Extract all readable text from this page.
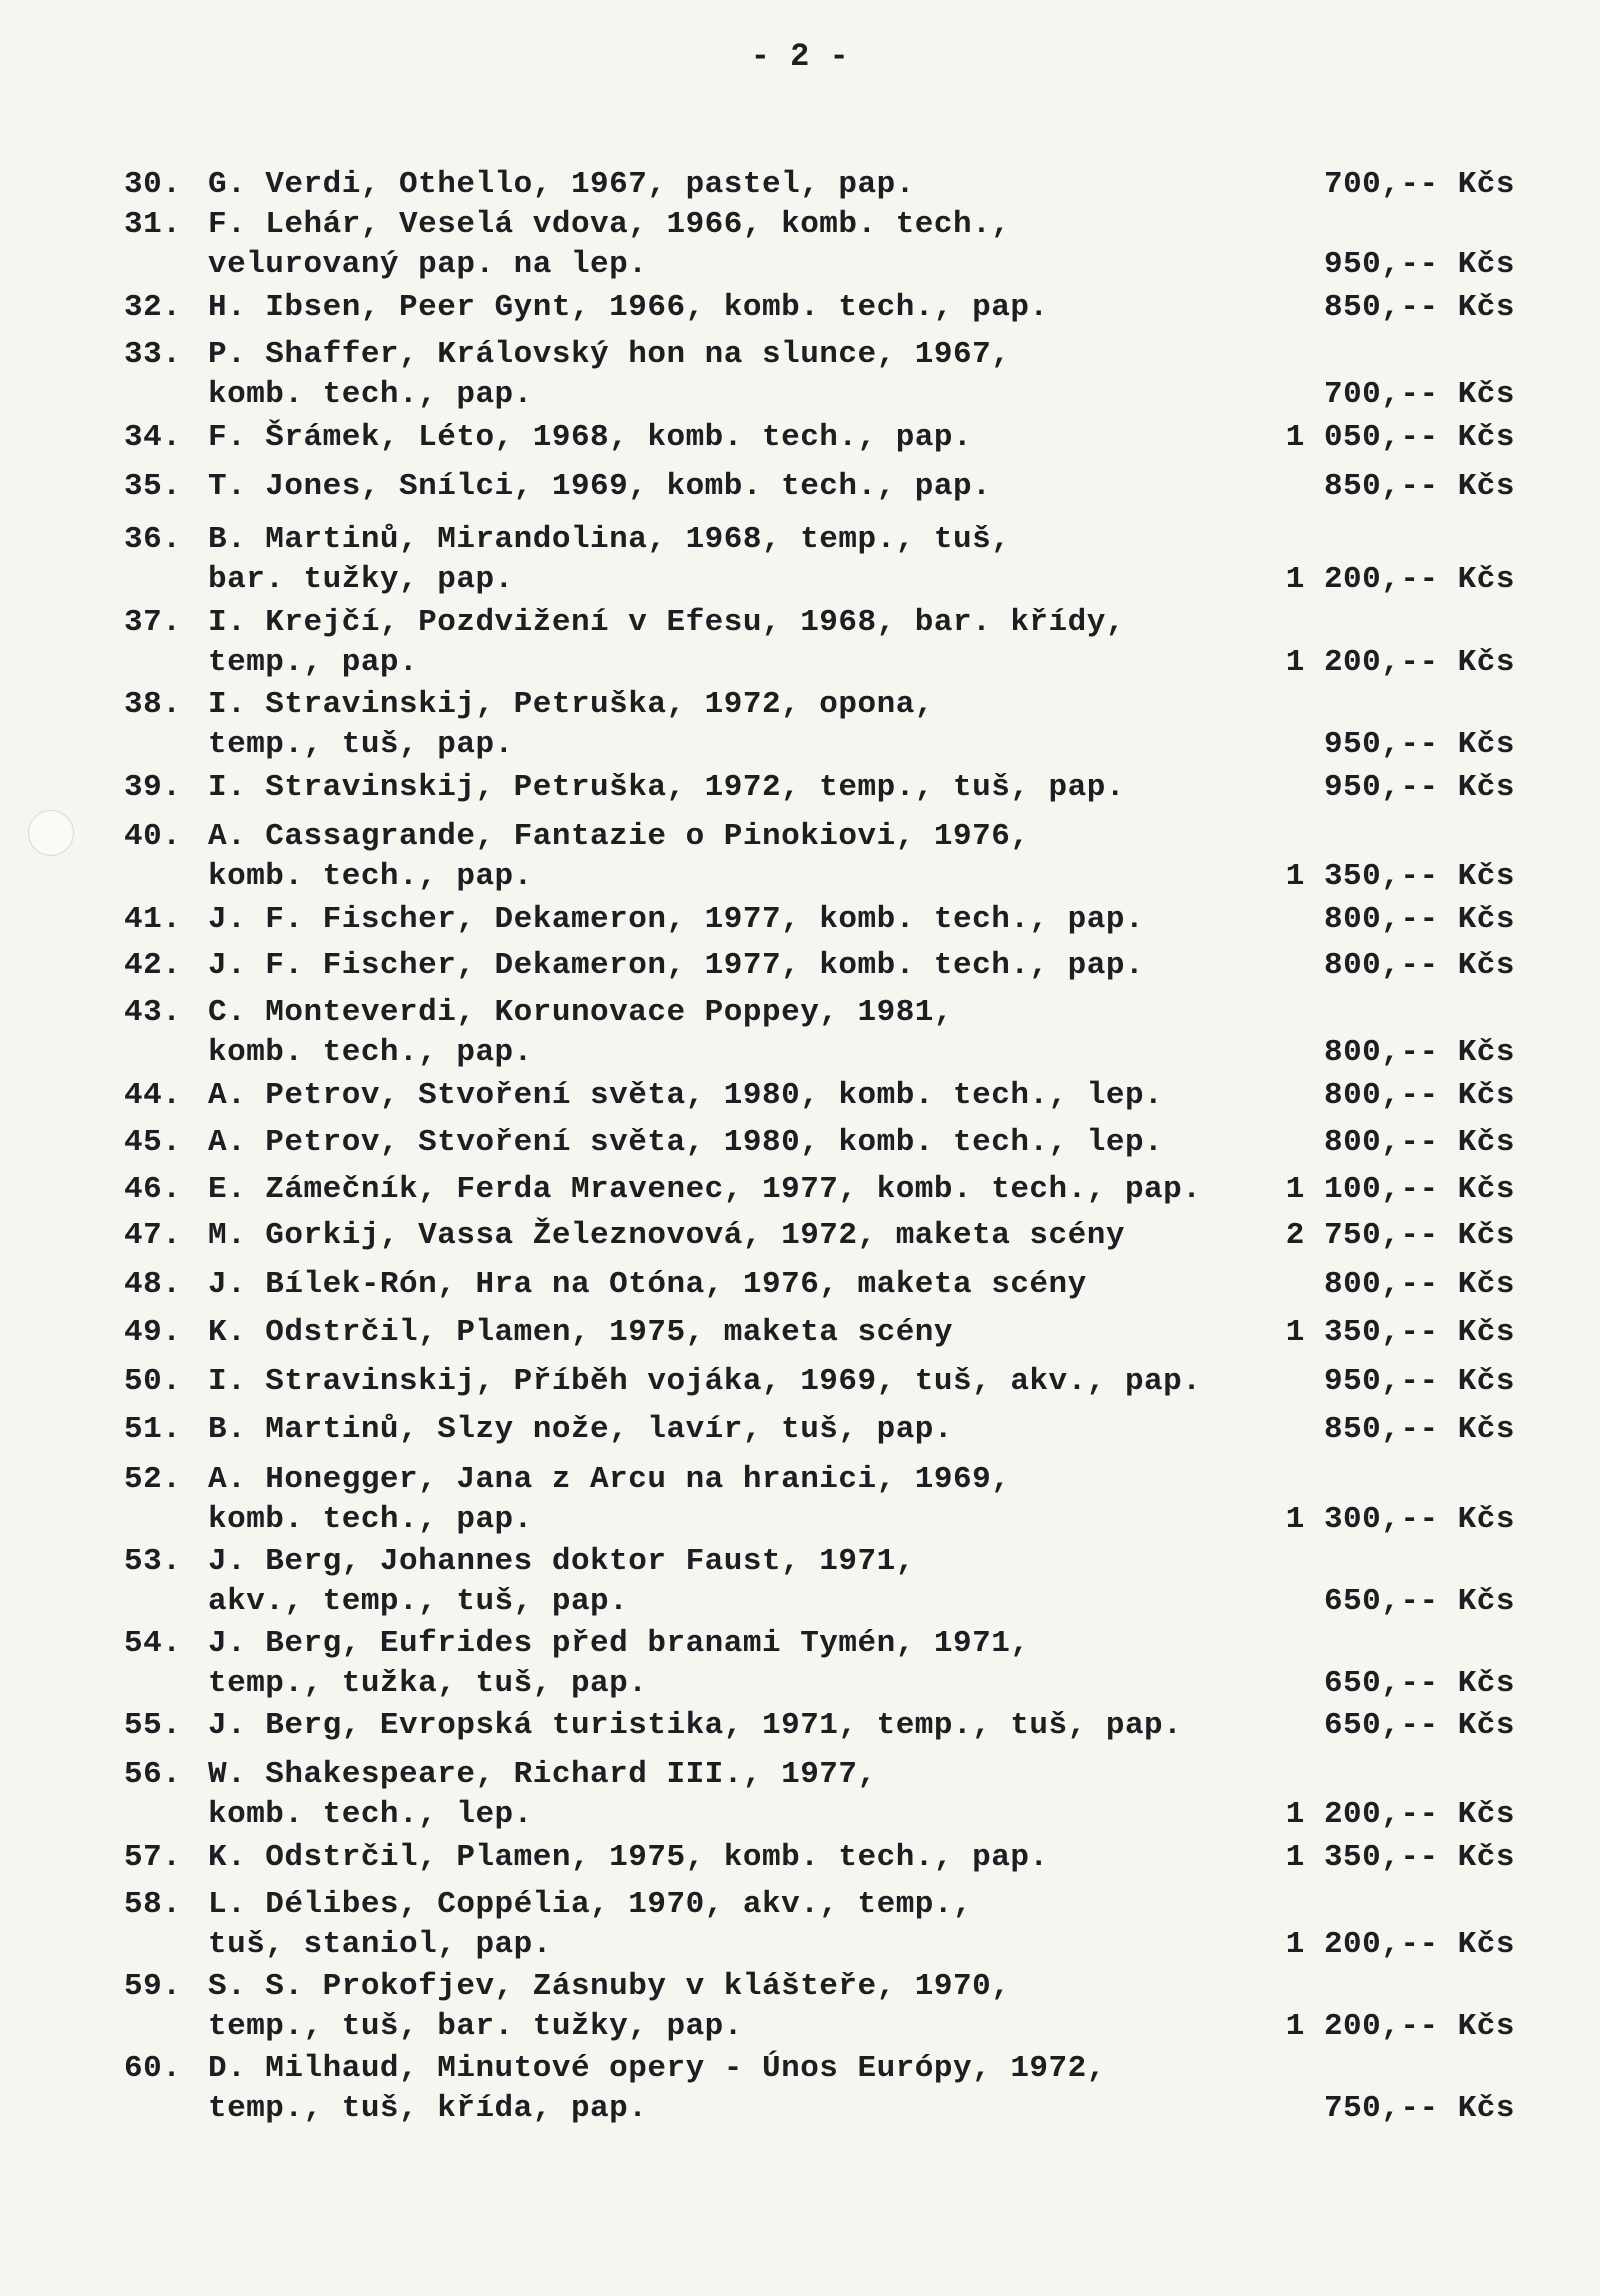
- 2 -
30. G. Verdi, Othello, 1967, pastel, pap.	700,-- Kčs
31. F. Lehár, Veselá vdova, 1966, komb. tech.,
velurovaný pap. na lep.	950,-- Kčs
32. H. Ibsen, Peer Gynt, 1966, komb. tech., pap.	850,-- Kčs
33. P. Shaffer, Královský hon na slunce, 1967,
komb. tech., pap.	700,-- Kčs
34. F. Šrámek, Léto, 1968, komb. tech., pap.	1 050,-- Kčs
35. T. Jones, Snílci, 1969, komb. tech., pap.	850,-- Kčs
36. B. Martinů, Mirandolina, 1968, temp., tuš,
bar. tužky, pap.	1 200,-- Kčs
37. I. Krejčí, Pozdvižení v Efesu, 1968, bar. křídy,
temp., pap.	1 200,-- Kčs
38. I. Stravinskij, Petruška, 1972, opona,
temp., tuš, pap.	950,-- Kčs
39. I. Stravinskij, Petruška, 1972, temp., tuš, pap.	950,-- Kčs
40. A. Cassagrande, Fantazie o Pinokiovi, 1976,
komb. tech., pap.	1 350,-- Kčs
41. J. F. Fischer, Dekameron, 1977, komb. tech., pap.	800,-- Kčs
42. J. F. Fischer, Dekameron, 1977, komb. tech., pap.	800,-- Kčs
43. C. Monteverdi, Korunovace Poppey, 1981,
komb. tech., pap.	800,-- Kčs
44. A. Petrov, Stvoření světa, 1980, komb. tech., lep.	800,-- Kčs
45. A. Petrov, Stvoření světa, 1980, komb. tech., lep.	800,-- Kčs
46. E. Zámečník, Ferda Mravenec, 1977, komb. tech., pap.	1 100,-- Kčs
47. M. Gorkij, Vassa Železnovová, 1972, maketa scény	2 750,-- Kčs
48. J. Bílek-Rón, Hra na Otóna, 1976, maketa scény	800,-- Kčs
49. K. Odstrčil, Plamen, 1975, maketa scény	1 350,-- Kčs
50. I. Stravinskij, Příběh vojáka, 1969, tuš, akv., pap.	950,-- Kčs
51. B. Martinů, Slzy nože, lavír, tuš, pap.	850,-- Kčs
52. A. Honegger, Jana z Arcu na hranici, 1969,
komb. tech., pap.	1 300,-- Kčs
53. J. Berg, Johannes doktor Faust, 1971,
akv., temp., tuš, pap.	650,-- Kčs
54. J. Berg, Eufrides před branami Tymén, 1971,
temp., tužka, tuš, pap.	650,-- Kčs
55. J. Berg, Evropská turistika, 1971, temp., tuš, pap.	650,-- Kčs
56. W. Shakespeare, Richard III., 1977,
komb. tech., lep.	1 200,-- Kčs
57. K. Odstrčil, Plamen, 1975, komb. tech., pap.	1 350,-- Kčs
58. L. Délibes, Coppélia, 1970, akv., temp.,
tuš, staniol, pap.	1 200,-- Kčs
59. S. S. Prokofjev, Zásnuby v klášteře, 1970,
temp., tuš, bar. tužky, pap.	1 200,-- Kčs
60. D. Milhaud, Minutové opery - Únos Európy, 1972,
temp., tuš, křída, pap.	750,-- Kčs
